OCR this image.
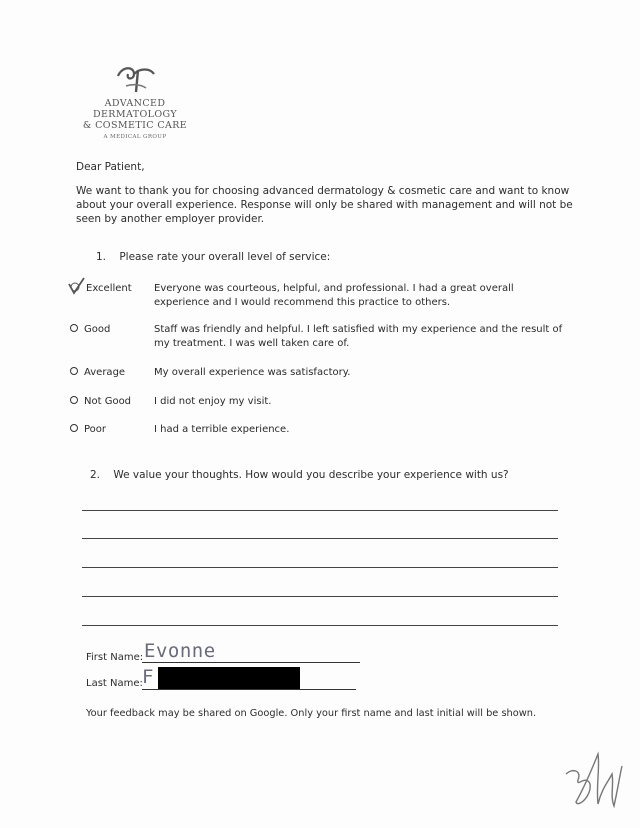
ADVANCED DERMATOLOGY
& COSMETIC CARE
A MEDICAL GROUP
Dear Patient,
We want to thank you for choosing advanced dermatology & cosmetic care and want to know about your overall experience. Response will only be shared with management and will not be seen by another employer provider.
1. Please rate your overall level of service:
Excellent	Everyone was courteous, helpful, and professional. I had a great overall experience and I would recommend this practice to others.
Good	Staff was friendly and helpful. I left satisfied with my experience and the result of my treatment. I was well taken care of.
Average	My overall experience was satisfactory.
Not Good	I did not enjoy my visit.
Poor	I had a terrible experience.
2. We value your thoughts. How would you describe your experience with us?
First Name: Evonne
Last Name: F
Your feedback may be shared on Google. Only your first name and last initial will be shown.
